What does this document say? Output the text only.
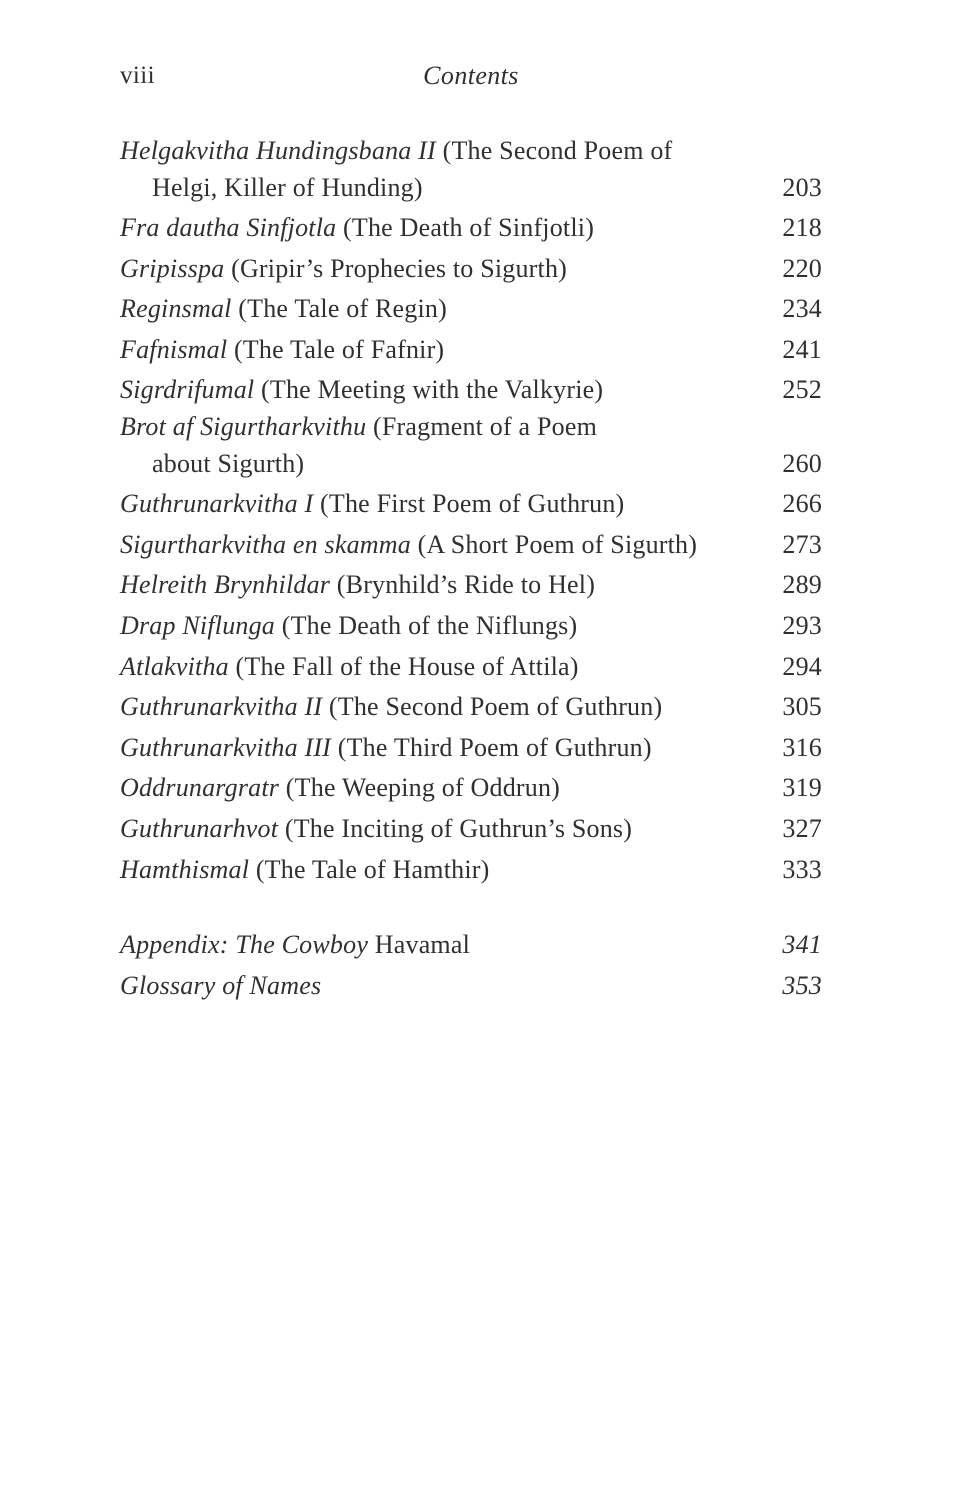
viii	Contents
Helgakvitha Hundingsbana II (The Second Poem of
Helgi, Killer of Hunding)	203
Fra dautha Sinfjotla (The Death of Sinfjotli)	218
Gripisspa (Gripir’s Prophecies to Sigurth)	220
Reginsmal (The Tale of Regin)	234
Fafnismal (The Tale of Fafnir)	241
Sigrdrifumal (The Meeting with the Valkyrie)	252
Brot af Sigurtharkvithu (Fragment of a Poem
about Sigurth)	260
Guthrunarkvitha I (The First Poem of Guthrun)	266
Sigurtharkvitha en skamma (A Short Poem of Sigurth)	273
Helreith Brynhildar (Brynhild’s Ride to Hel)	289
Drap Niflunga (The Death of the Niflungs)	293
Atlakvitha (The Fall of the House of Attila)	294
Guthrunarkvitha II (The Second Poem of Guthrun)	305
Guthrunarkvitha III (The Third Poem of Guthrun)	316
Oddrunargratr (The Weeping of Oddrun)	319
Guthrunarhvot (The Inciting of Guthrun’s Sons)	327
Hamthismal (The Tale of Hamthir)	333
Appendix: The Cowboy Havamal	341
Glossary of Names	353
